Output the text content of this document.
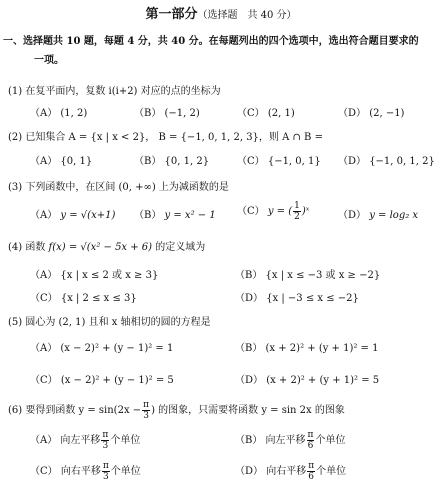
第一部分（选择题　共 40 分）
一、选择题共 10 题，每题 4 分，共 40 分。在每题列出的四个选项中，选出符合题目要求的
一项。
(1) 在复平面内，复数 i(i+2) 对应的点的坐标为
（A） (1, 2)	（B） (−1, 2)	（C） (2, 1)	（D） (2, −1)
(2) 已知集合 A = {x | x < 2}， B = {−1, 0, 1, 2, 3}，则 A ∩ B =
（A） {0, 1}	（B） {0, 1, 2}	（C） {−1, 0, 1} （D） {−1, 0, 1, 2}
(3) 下列函数中，在区间 (0, +∞) 上为减函数的是
（A） y = √(x+1) （B） y = x² − 1 （C） y = ( $\frac{1}{2}$ )ˣ	（D） y = log₂ x
(4) 函数 f(x) = √(x² − 5x + 6) 的定义域为
（A） {x | x ≤ 2 或 x ≥ 3}	（B） {x | x ≤ −3 或 x ≥ −2}
（C） {x | 2 ≤ x ≤ 3}	（D） {x | −3 ≤ x ≤ −2}
(5) 圆心为 (2, 1) 且和 x 轴相切的圆的方程是
（A） (x − 2)² + (y − 1)² = 1	（B） (x + 2)² + (y + 1)² = 1
（C） (x − 2)² + (y − 1)² = 5	（D） (x + 2)² + (y + 1)² = 5
(6) 要得到函数 $y = \sin(2x - \frac{\pi}{3}$ ) 的图象，只需要将函数 y = sin 2x 的图象
（A） 向左平移 $\frac{\pi}{3}$ 个单位	（B） 向左平移 $\frac{\pi}{6}$ 个单位
（C） 向右平移 $\frac{\pi}{3}$ 个单位	（D） 向右平移 $\frac{\pi}{6}$ 个单位
